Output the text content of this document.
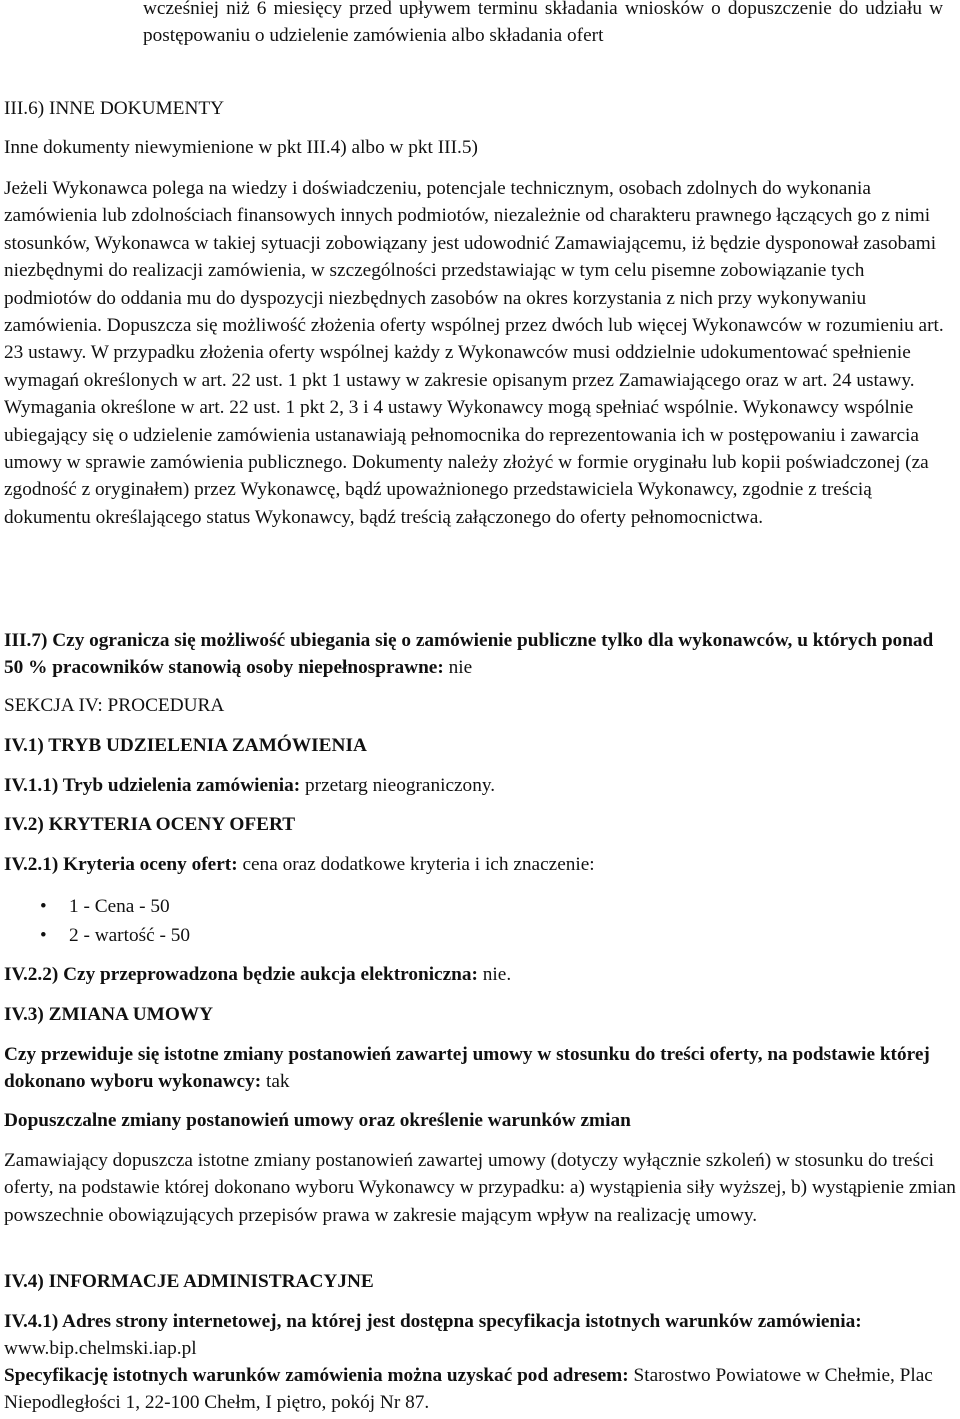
wcześniej niż 6 miesięcy przed upływem terminu składania wniosków o dopuszczenie do udziału w postępowaniu o udzielenie zamówienia albo składania ofert

III.6) INNE DOKUMENTY

Inne dokumenty niewymienione w pkt III.4) albo w pkt III.5)

Jeżeli Wykonawca polega na wiedzy i doświadczeniu, potencjale technicznym, osobach zdolnych do wykonania zamówienia lub zdolnościach finansowych innych podmiotów, niezależnie od charakteru prawnego łączących go z nimi stosunków, Wykonawca w takiej sytuacji zobowiązany jest udowodnić Zamawiającemu, iż będzie dysponował zasobami niezbędnymi do realizacji zamówienia, w szczególności przedstawiając w tym celu pisemne zobowiązanie tych podmiotów do oddania mu do dyspozycji niezbędnych zasobów na okres korzystania z nich przy wykonywaniu zamówienia. Dopuszcza się możliwość złożenia oferty wspólnej przez dwóch lub więcej Wykonawców w rozumieniu art. 23 ustawy. W przypadku złożenia oferty wspólnej każdy z Wykonawców musi oddzielnie udokumentować spełnienie wymagań określonych w art. 22 ust. 1 pkt 1 ustawy w zakresie opisanym przez Zamawiającego oraz w art. 24 ustawy. Wymagania określone w art. 22 ust. 1 pkt 2, 3 i 4 ustawy Wykonawcy mogą spełniać wspólnie. Wykonawcy wspólnie ubiegający się o udzielenie zamówienia ustanawiają pełnomocnika do reprezentowania ich w postępowaniu i zawarcia umowy w sprawie zamówienia publicznego. Dokumenty należy złożyć w formie oryginału lub kopii poświadczonej (za zgodność z oryginałem) przez Wykonawcę, bądź upoważnionego przedstawiciela Wykonawcy, zgodnie z treścią dokumentu określającego status Wykonawcy, bądź treścią załączonego do oferty pełnomocnictwa.

III.7) Czy ogranicza się możliwość ubiegania się o zamówienie publiczne tylko dla wykonawców, u których ponad 50 % pracowników stanowią osoby niepełnosprawne: nie

SEKCJA IV: PROCEDURA

IV.1) TRYB UDZIELENIA ZAMÓWIENIA

IV.1.1) Tryb udzielenia zamówienia: przetarg nieograniczony.

IV.2) KRYTERIA OCENY OFERT

IV.2.1) Kryteria oceny ofert: cena oraz dodatkowe kryteria i ich znaczenie:

• 1 - Cena - 50
• 2 - wartość - 50

IV.2.2) Czy przeprowadzona będzie aukcja elektroniczna: nie.

IV.3) ZMIANA UMOWY

Czy przewiduje się istotne zmiany postanowień zawartej umowy w stosunku do treści oferty, na podstawie której dokonano wyboru wykonawcy: tak

Dopuszczalne zmiany postanowień umowy oraz określenie warunków zmian

Zamawiający dopuszcza istotne zmiany postanowień zawartej umowy (dotyczy wyłącznie szkoleń) w stosunku do treści oferty, na podstawie której dokonano wyboru Wykonawcy w przypadku: a) wystąpienia siły wyższej, b) wystąpienie zmian powszechnie obowiązujących przepisów prawa w zakresie mającym wpływ na realizację umowy.

IV.4) INFORMACJE ADMINISTRACYJNE

IV.4.1) Adres strony internetowej, na której jest dostępna specyfikacja istotnych warunków zamówienia: www.bip.chelmski.iap.pl

Specyfikację istotnych warunków zamówienia można uzyskać pod adresem: Starostwo Powiatowe w Chełmie, Plac Niepodległości 1, 22-100 Chełm, I piętro, pokój Nr 87.
